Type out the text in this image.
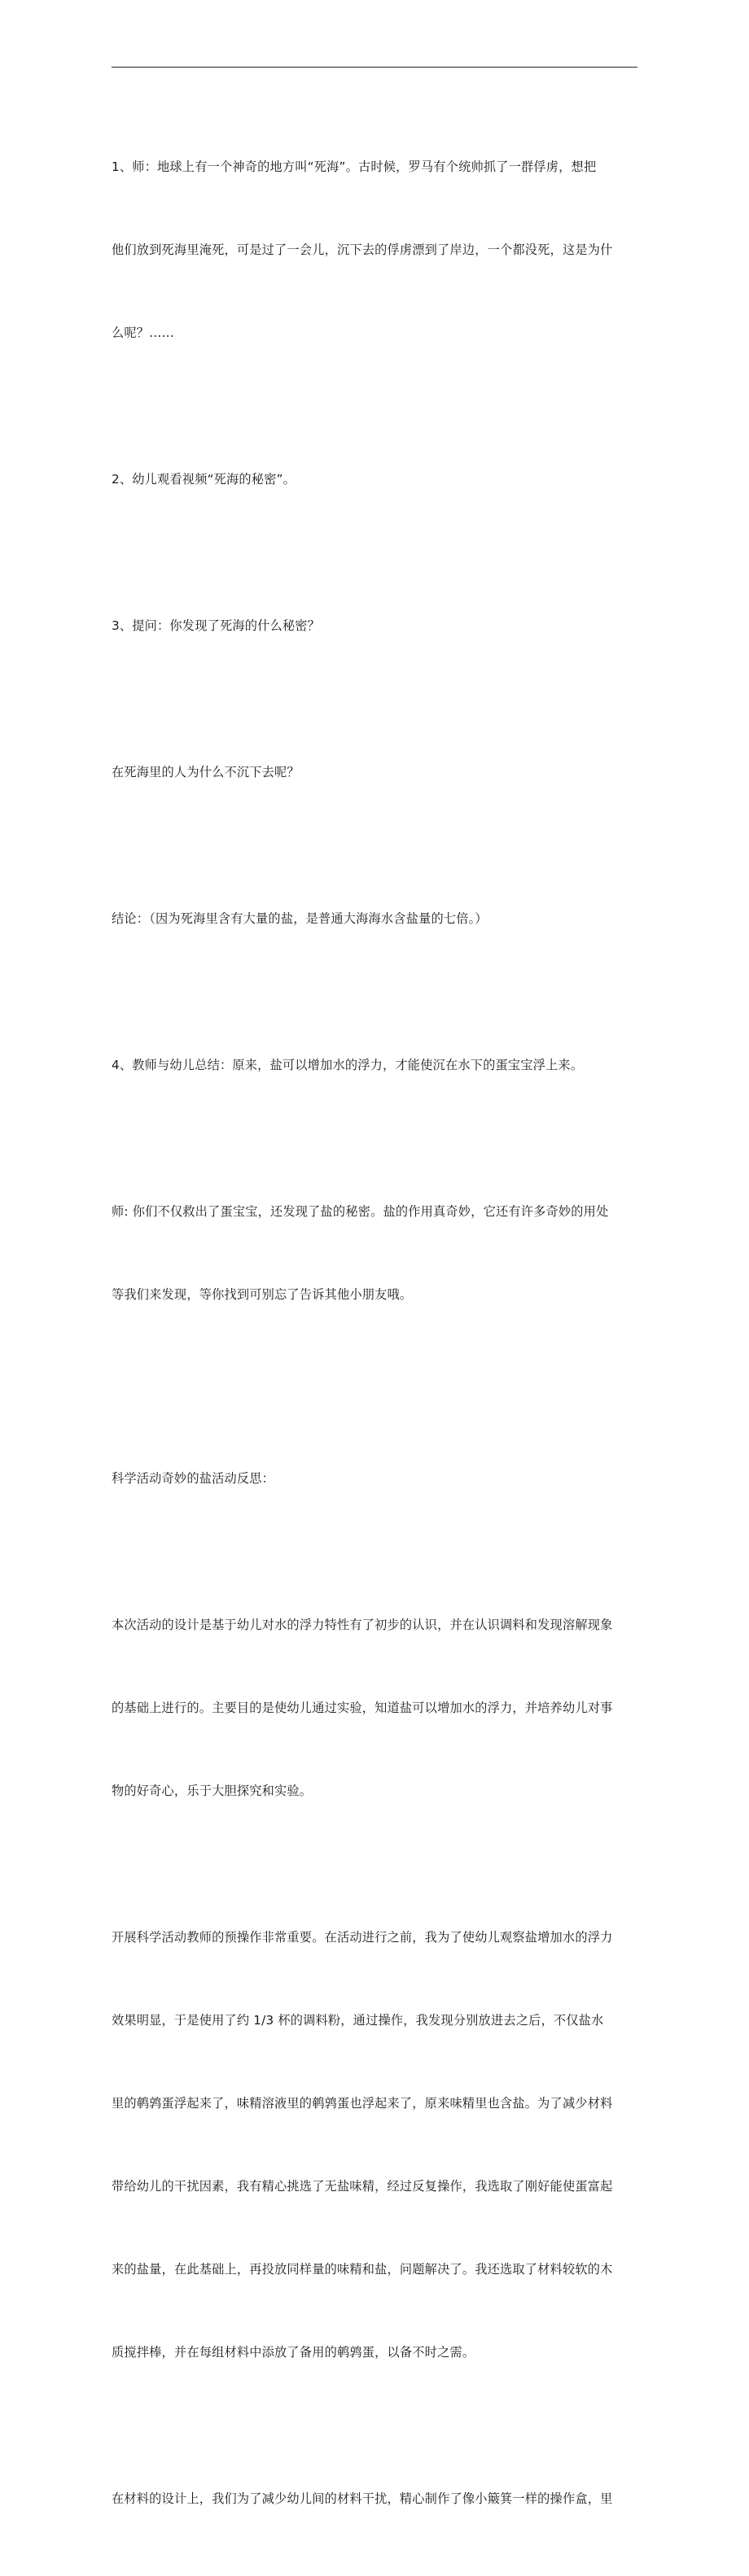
1、师：地球上有一个神奇的地方叫“死海”。古时候，罗马有个统帅抓了一群俘虏，想把

他们放到死海里淹死，可是过了一会儿，沉下去的俘虏漂到了岸边，一个都没死，这是为什

么呢？……

2、幼儿观看视频“死海的秘密”。

3、提问：你发现了死海的什么秘密？

在死海里的人为什么不沉下去呢？

结论：（因为死海里含有大量的盐，是普通大海海水含盐量的七倍。）

4、教师与幼儿总结：原来，盐可以增加水的浮力，才能使沉在水下的蛋宝宝浮上来。

师: 你们不仅救出了蛋宝宝，还发现了盐的秘密。盐的作用真奇妙，它还有许多奇妙的用处

等我们来发现，等你找到可别忘了告诉其他小朋友哦。

科学活动奇妙的盐活动反思：

本次活动的设计是基于幼儿对水的浮力特性有了初步的认识，并在认识调料和发现溶解现象

的基础上进行的。主要目的是使幼儿通过实验，知道盐可以增加水的浮力，并培养幼儿对事

物的好奇心，乐于大胆探究和实验。

开展科学活动教师的预操作非常重要。在活动进行之前，我为了使幼儿观察盐增加水的浮力

效果明显，于是使用了约 1/3 杯的调料粉，通过操作，我发现分别放进去之后，不仅盐水

里的鹌鹑蛋浮起来了，味精溶液里的鹌鹑蛋也浮起来了，原来味精里也含盐。为了减少材料

带给幼儿的干扰因素，我有精心挑选了无盐味精，经过反复操作，我选取了刚好能使蛋富起

来的盐量，在此基础上，再投放同样量的味精和盐，问题解决了。我还选取了材料较软的木

质搅拌棒，并在每组材料中添放了备用的鹌鹑蛋，以备不时之需。

在材料的设计上，我们为了减少幼儿间的材料干扰，精心制作了像小簸箕一样的操作盒，里
